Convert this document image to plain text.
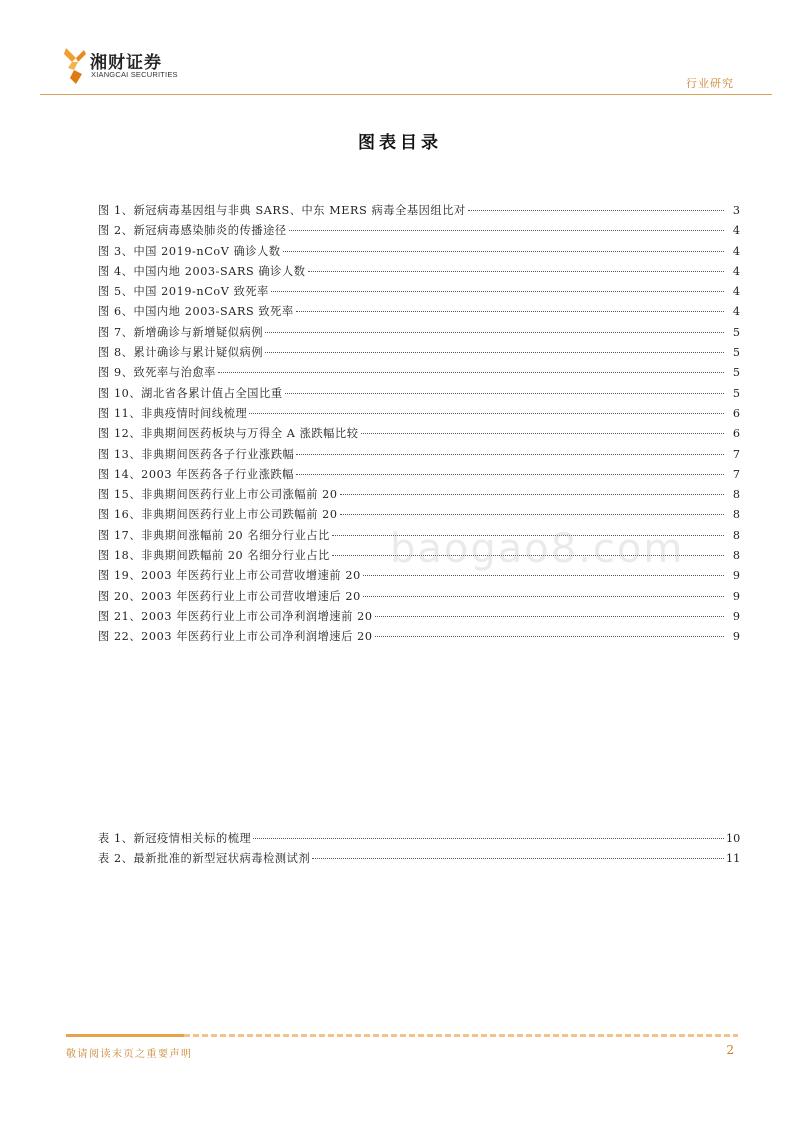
湘财证券
XIANGCAI SECURITIES
行业研究
图表目录
图 1、新冠病毒基因组与非典 SARS、中东 MERS 病毒全基因组比对	3
图 2、新冠病毒感染肺炎的传播途径	4
图 3、中国 2019-nCoV 确诊人数	4
图 4、中国内地 2003-SARS 确诊人数	4
图 5、中国 2019-nCoV 致死率	4
图 6、中国内地 2003-SARS 致死率	4
图 7、新增确诊与新增疑似病例	5
图 8、累计确诊与累计疑似病例	5
图 9、致死率与治愈率	5
图 10、湖北省各累计值占全国比重	5
图 11、非典疫情时间线梳理	6
图 12、非典期间医药板块与万得全 A 涨跌幅比较	6
图 13、非典期间医药各子行业涨跌幅	7
图 14、2003 年医药各子行业涨跌幅	7
图 15、非典期间医药行业上市公司涨幅前 20	8
图 16、非典期间医药行业上市公司跌幅前 20	8
图 17、非典期间涨幅前 20 名细分行业占比	8
图 18、非典期间跌幅前 20 名细分行业占比	8
图 19、2003 年医药行业上市公司营收增速前 20	9
图 20、2003 年医药行业上市公司营收增速后 20	9
图 21、2003 年医药行业上市公司净利润增速前 20	9
图 22、2003 年医药行业上市公司净利润增速后 20	9
baogao8.com
表 1、新冠疫情相关标的梳理	10
表 2、最新批准的新型冠状病毒检测试剂	11
敬请阅读末页之重要声明	2
